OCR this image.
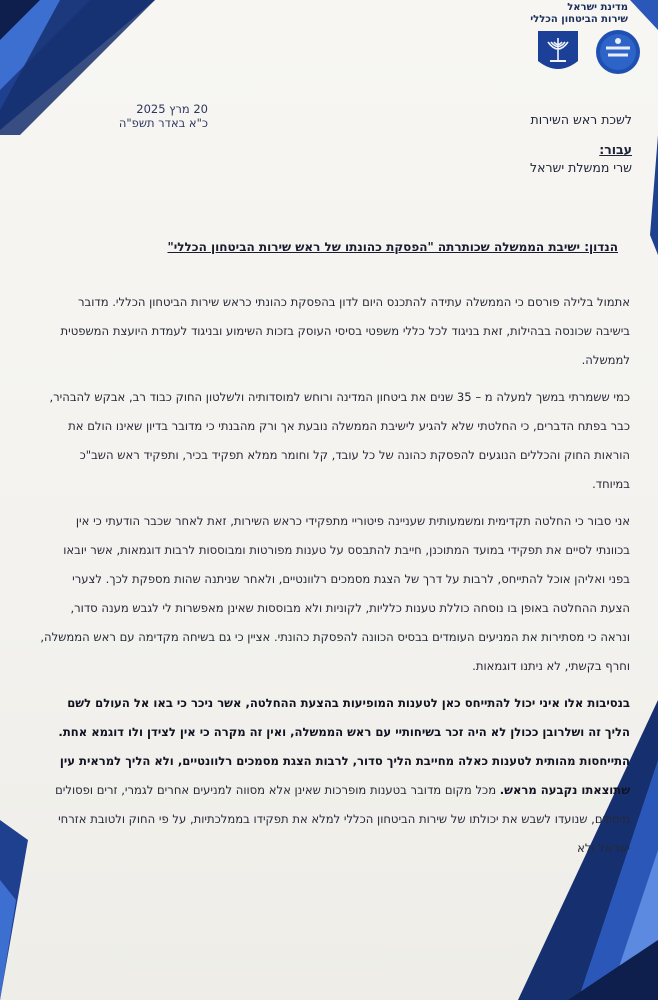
מדינת ישראל
שירות הביטחון הכללי
20 מרץ 2025
כ"א באדר תשפ"ה	לשכת ראש השירות
עבור:
שרי ממשלת ישראל
הנדון: ישיבת הממשלה שכותרתה "הפסקת כהונתו של ראש שירות הביטחון הכללי"

אתמול בלילה פורסם כי הממשלה עתידה להתכנס היום לדון בהפסקת כהונתי כראש שירות הביטחון הכללי. מדובר בישיבה שכונסה בבהילות, זאת בניגוד לכל כללי משפטי בסיסי העוסק בזכות השימוע ובניגוד לעמדת היועצת המשפטית לממשלה.

כמי ששמרתי במשך למעלה מ – 35 שנים את ביטחון המדינה ורוחש למוסדותיה ולשלטון החוק כבוד רב, אבקש להבהיר, כבר בפתח הדברים, כי החלטתי שלא להגיע לישיבת הממשלה נובעת אך ורק מהבנתי כי מדובר בדיון שאינו הולם את הוראות החוק והכללים הנוגעים להפסקת כהונה של כל עובד, קל וחומר ממלא תפקיד בכיר, ותפקיד ראש השב"כ במיוחד.

אני סבור כי החלטה תקדימית ומשמעותית שעניינה פיטוריי מתפקידי כראש השירות, זאת לאחר שכבר הודעתי כי אין בכוונתי לסיים את תפקידי במועד המתוכנן, חייבת להתבסס על טענות מפורטות ומבוססות לרבות דוגמאות, אשר יובאו בפני ואליהן אוכל להתייחס, לרבות על דרך של הצגת מסמכים רלוונטיים, ולאחר שניתנה שהות מספקת לכך. לצערי הצעת ההחלטה באופן בו נוסחה כוללת טענות כלליות, לקוניות ולא מבוססות שאינן מאפשרות לי לגבש מענה סדור, ונראה כי מסתירות את המניעים העומדים בבסיס הכוונה להפסקת כהונתי. אציין כי גם בשיחה מקדימה עם ראש הממשלה, וחרף בקשתי, לא ניתנו דוגמאות.

בנסיבות אלו איני יכול להתייחס כאן לטענות המופיעות בהצעת ההחלטה, אשר ניכר כי באו אל העולם לשם הליך זה ושלרובן ככולן לא היה זכר בשיחותיי עם ראש הממשלה, ואין זה מקרה כי אין לצידן ולו דוגמא אחת. התייחסות מהותית לטענות כאלה מחייבת הליך סדור, לרבות הצגת מסמכים רלוונטיים, ולא הליך למראית עין שתוצאתו נקבעה מראש. מכל מקום מדובר בטענות מופרכות שאינן אלא מסווה למניעים אחרים לגמרי, זרים ופסולים מיסודם, שנועדו לשבש את יכולתו של שירות הביטחון הכללי למלא את תפקידו בממלכתיות, על פי החוק ולטובת אזרחי ישראל ולא
